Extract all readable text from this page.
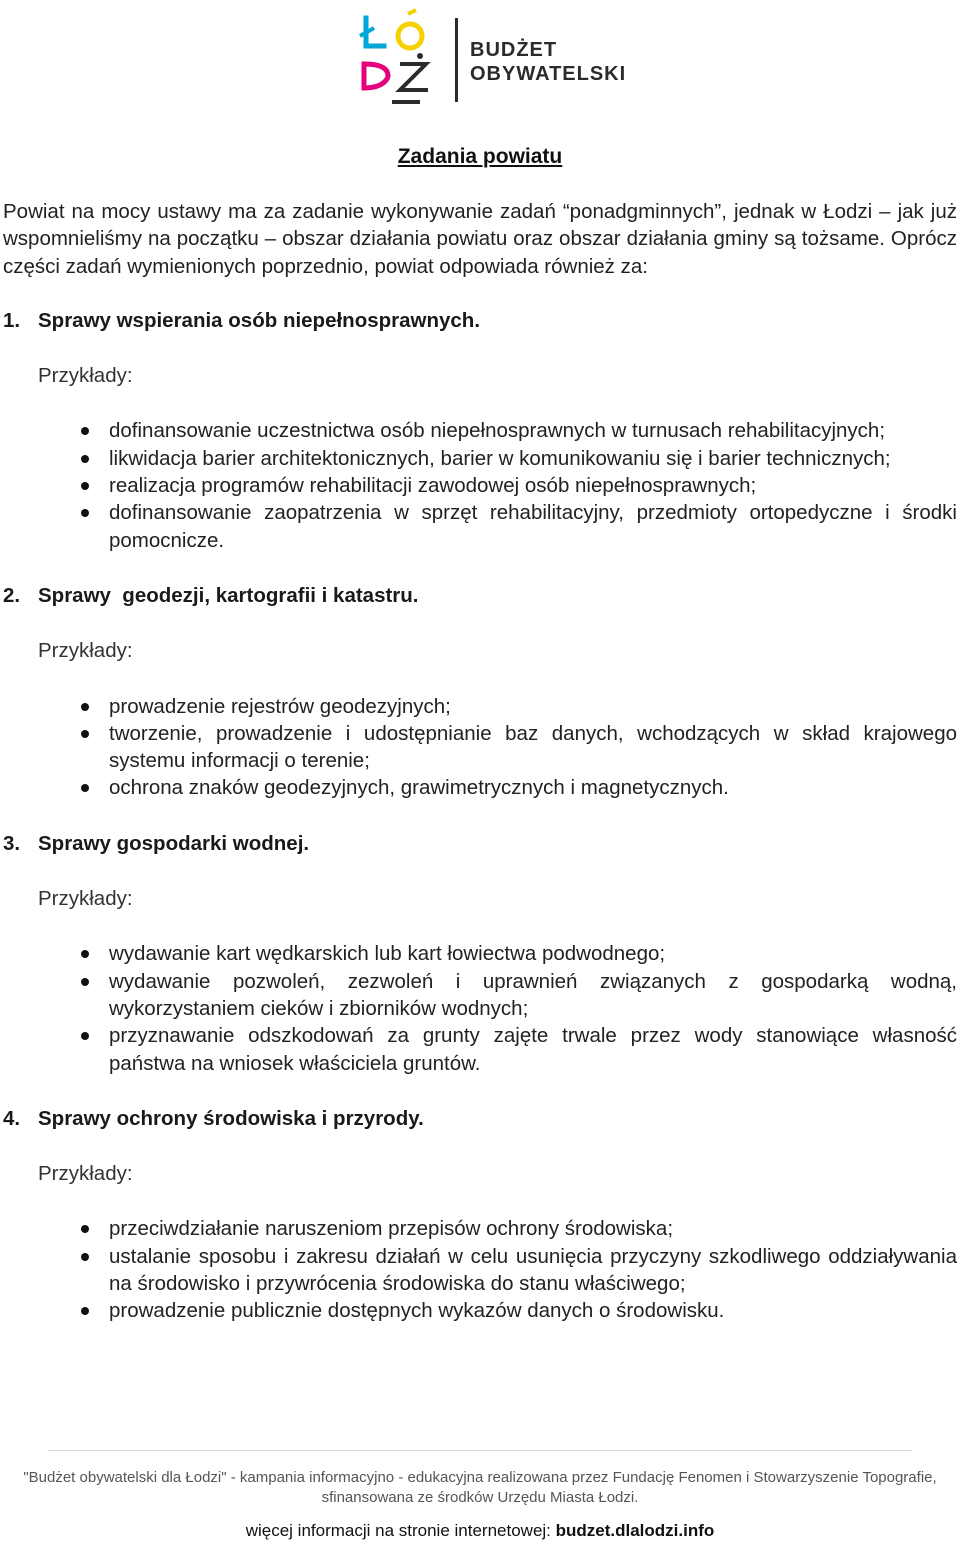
BUDŻET
OBYWATELSKI
Zadania powiatu

Powiat na mocy ustawy ma za zadanie wykonywanie zadań “ponadgminnych”, jednak w Łodzi – jak już wspomnieliśmy na początku – obszar działania powiatu oraz obszar działania gminy są tożsame. Oprócz części zadań wymienionych poprzednio, powiat odpowiada również za:

1. Sprawy wspierania osób niepełnosprawnych.

Przykłady:

dofinansowanie uczestnictwa osób niepełnosprawnych w turnusach rehabilitacyjnych;
likwidacja barier architektonicznych, barier w komunikowaniu się i barier technicznych;
realizacja programów rehabilitacji zawodowej osób niepełnosprawnych;
dofinansowanie zaopatrzenia w sprzęt rehabilitacyjny, przedmioty ortopedyczne i środki pomocnicze.

2. Sprawy  geodezji, kartografii i katastru.

Przykłady:

prowadzenie rejestrów geodezyjnych;
tworzenie, prowadzenie i udostępnianie baz danych, wchodzących w skład krajowego systemu informacji o terenie;
ochrona znaków geodezyjnych, grawimetrycznych i magnetycznych.

3. Sprawy gospodarki wodnej.

Przykłady:

wydawanie kart wędkarskich lub kart łowiectwa podwodnego;
wydawanie pozwoleń, zezwoleń i uprawnień związanych z gospodarką wodną, wykorzystaniem cieków i zbiorników wodnych;
przyznawanie odszkodowań za grunty zajęte trwale przez wody stanowiące własność państwa na wniosek właściciela gruntów.

4. Sprawy ochrony środowiska i przyrody.

Przykłady:

przeciwdziałanie naruszeniom przepisów ochrony środowiska;
ustalanie sposobu i zakresu działań w celu usunięcia przyczyny szkodliwego oddziaływania na środowisko i przywrócenia środowiska do stanu właściwego;
prowadzenie publicznie dostępnych wykazów danych o środowisku.
"Budżet obywatelski dla Łodzi" - kampania informacyjno - edukacyjna realizowana przez Fundację Fenomen i Stowarzyszenie Topografie,
sfinansowana ze środków Urzędu Miasta Łodzi.
więcej informacji na stronie internetowej: budzet.dlalodzi.info
